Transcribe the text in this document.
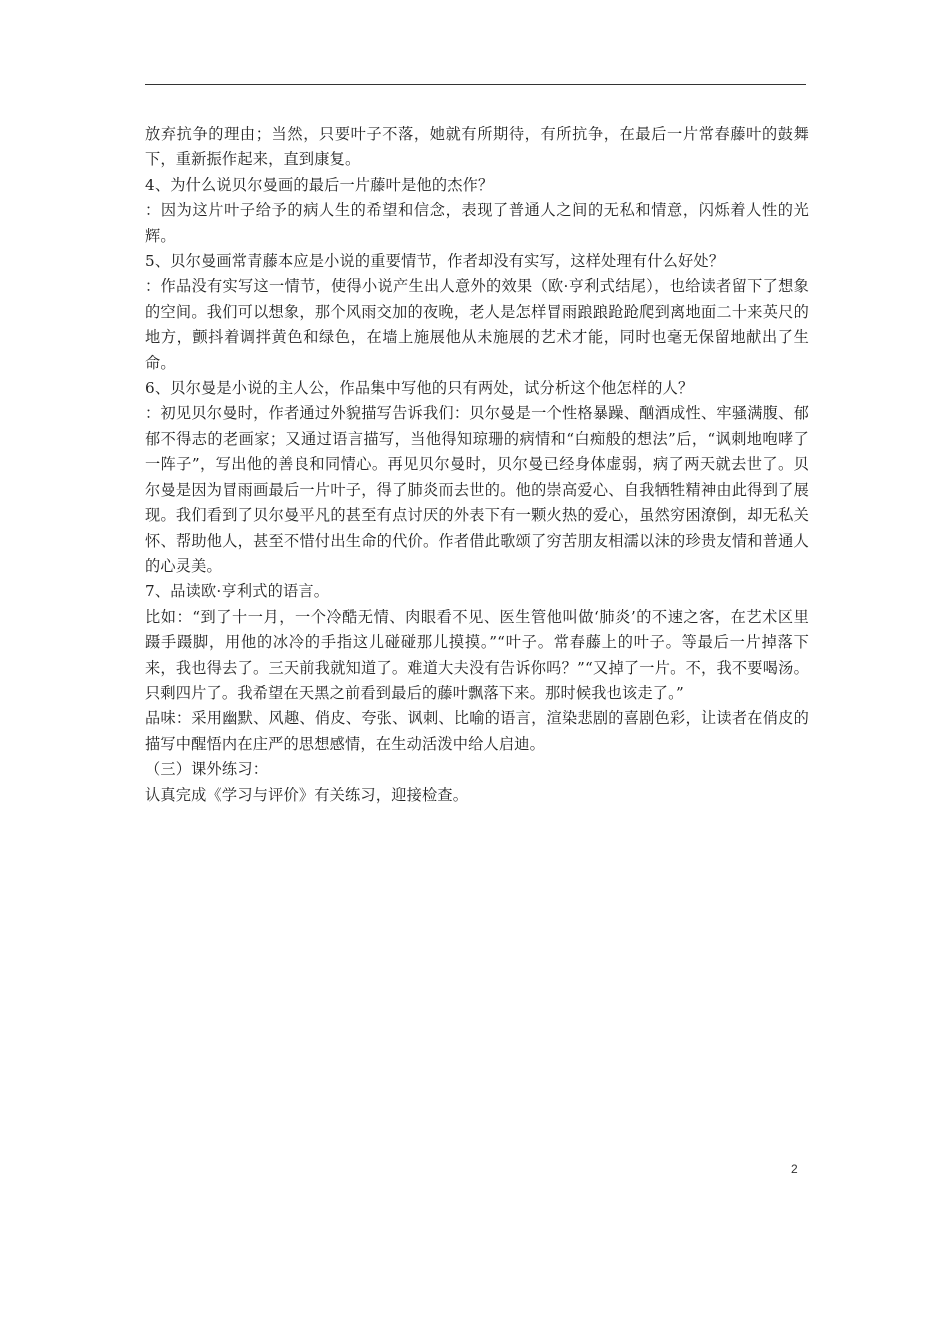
放弃抗争的理由；当然，只要叶子不落，她就有所期待，有所抗争，在最后一片常春藤叶的鼓舞下，重新振作起来，直到康复。

4、为什么说贝尔曼画的最后一片藤叶是他的杰作？

：因为这片叶子给予的病人生的希望和信念，表现了普通人之间的无私和情意，闪烁着人性的光辉。

5、贝尔曼画常青藤本应是小说的重要情节，作者却没有实写，这样处理有什么好处？

：作品没有实写这一情节，使得小说产生出人意外的效果（欧·亨利式结尾），也给读者留下了想象的空间。我们可以想象，那个风雨交加的夜晚，老人是怎样冒雨踉踉跄跄爬到离地面二十来英尺的地方，颤抖着调拌黄色和绿色，在墙上施展他从未施展的艺术才能，同时也毫无保留地献出了生命。

6、贝尔曼是小说的主人公，作品集中写他的只有两处，试分析这个他怎样的人？

：初见贝尔曼时，作者通过外貌描写告诉我们：贝尔曼是一个性格暴躁、酗酒成性、牢骚满腹、郁郁不得志的老画家；又通过语言描写，当他得知琼珊的病情和“白痴般的想法”后，“讽刺地咆哮了一阵子”，写出他的善良和同情心。再见贝尔曼时，贝尔曼已经身体虚弱，病了两天就去世了。贝尔曼是因为冒雨画最后一片叶子，得了肺炎而去世的。他的崇高爱心、自我牺牲精神由此得到了展现。我们看到了贝尔曼平凡的甚至有点讨厌的外表下有一颗火热的爱心，虽然穷困潦倒，却无私关怀、帮助他人，甚至不惜付出生命的代价。作者借此歌颂了穷苦朋友相濡以沫的珍贵友情和普通人的心灵美。

7、品读欧·亨利式的语言。

比如：“到了十一月，一个冷酷无情、肉眼看不见、医生管他叫做‘肺炎’的不速之客，在艺术区里蹑手蹑脚，用他的冰冷的手指这儿碰碰那儿摸摸。”“叶子。常春藤上的叶子。等最后一片掉落下来，我也得去了。三天前我就知道了。难道大夫没有告诉你吗？”“又掉了一片。不，我不要喝汤。只剩四片了。我希望在天黑之前看到最后的藤叶飘落下来。那时候我也该走了。”

品味：采用幽默、风趣、俏皮、夸张、讽刺、比喻的语言，渲染悲剧的喜剧色彩，让读者在俏皮的描写中醒悟内在庄严的思想感情，在生动活泼中给人启迪。

（三）课外练习：

认真完成《学习与评价》有关练习，迎接检查。

2
